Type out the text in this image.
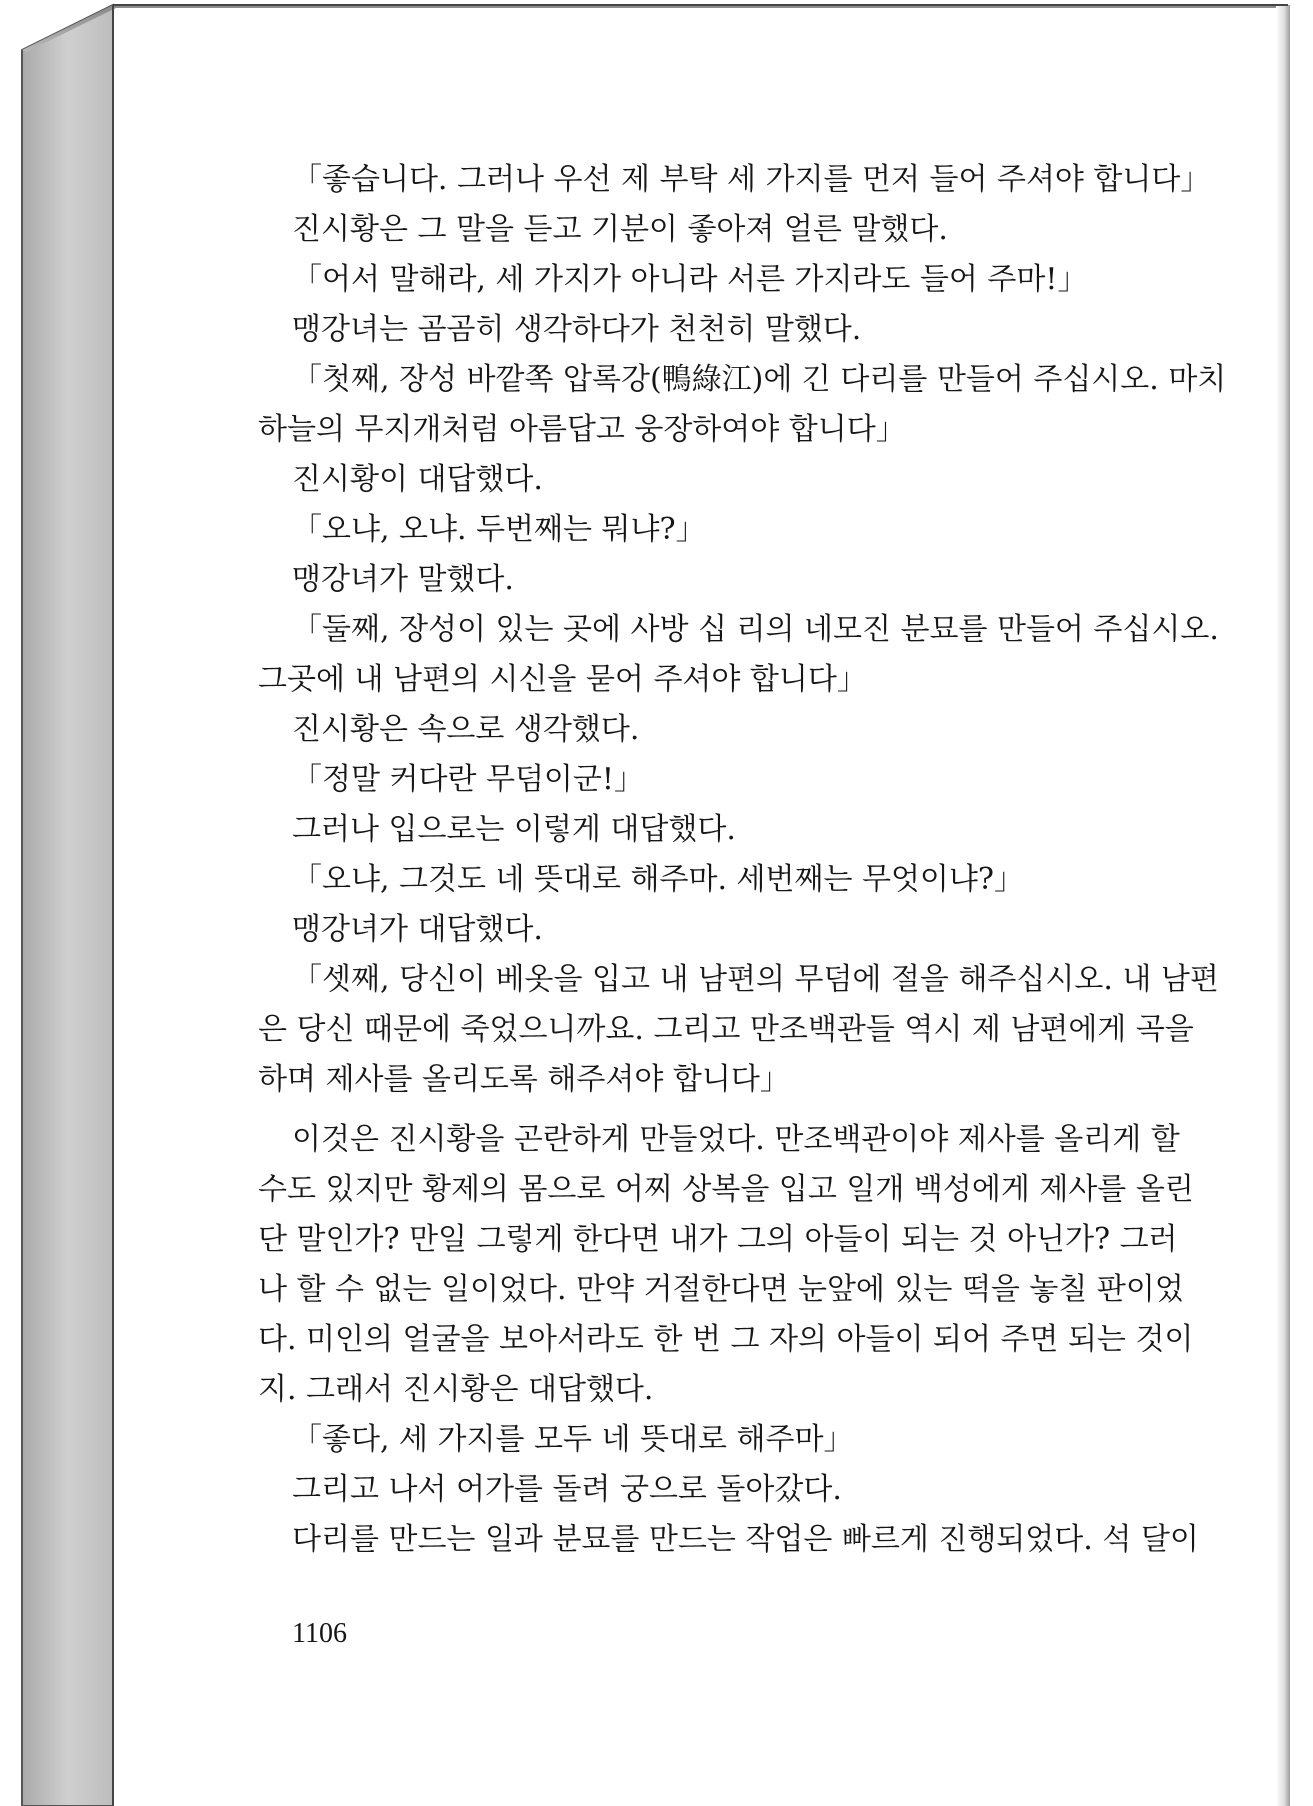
「좋습니다. 그러나 우선 제 부탁 세 가지를 먼저 들어 주셔야 합니다」
진시황은 그 말을 듣고 기분이 좋아져 얼른 말했다.
「어서 말해라, 세 가지가 아니라 서른 가지라도 들어 주마!」
맹강녀는 곰곰히 생각하다가 천천히 말했다.
「첫째, 장성 바깥쪽 압록강(鴨綠江)에 긴 다리를 만들어 주십시오. 마치
하늘의 무지개처럼 아름답고 웅장하여야 합니다」
진시황이 대답했다.
「오냐, 오냐. 두번째는 뭐냐?」
맹강녀가 말했다.
「둘째, 장성이 있는 곳에 사방 십 리의 네모진 분묘를 만들어 주십시오.
그곳에 내 남편의 시신을 묻어 주셔야 합니다」
진시황은 속으로 생각했다.
「정말 커다란 무덤이군!」
그러나 입으로는 이렇게 대답했다.
「오냐, 그것도 네 뜻대로 해주마. 세번째는 무엇이냐?」
맹강녀가 대답했다.
「셋째, 당신이 베옷을 입고 내 남편의 무덤에 절을 해주십시오. 내 남편
은 당신 때문에 죽었으니까요. 그리고 만조백관들 역시 제 남편에게 곡을
하며 제사를 올리도록 해주셔야 합니다」
이것은 진시황을 곤란하게 만들었다. 만조백관이야 제사를 올리게 할
수도 있지만 황제의 몸으로 어찌 상복을 입고 일개 백성에게 제사를 올린
단 말인가? 만일 그렇게 한다면 내가 그의 아들이 되는 것 아닌가? 그러
나 할 수 없는 일이었다. 만약 거절한다면 눈앞에 있는 떡을 놓칠 판이었
다. 미인의 얼굴을 보아서라도 한 번 그 자의 아들이 되어 주면 되는 것이
지. 그래서 진시황은 대답했다.
「좋다, 세 가지를 모두 네 뜻대로 해주마」
그리고 나서 어가를 돌려 궁으로 돌아갔다.
다리를 만드는 일과 분묘를 만드는 작업은 빠르게 진행되었다. 석 달이
1106
